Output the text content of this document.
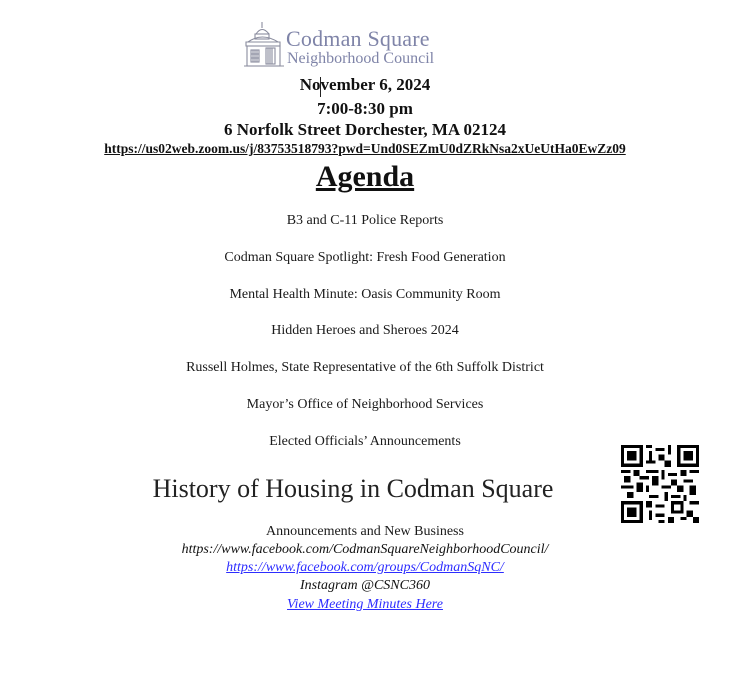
Codman Square
Neighborhood Council
November 6, 2024
7:00-8:30 pm
6 Norfolk Street Dorchester, MA 02124
https://us02web.zoom.us/j/83753518793?pwd=Und0SEZmU0dZRkNsa2xUeUtHa0EwZz09
Agenda
B3 and C-11 Police Reports
Codman Square Spotlight: Fresh Food Generation
Mental Health Minute: Oasis Community Room
Hidden Heroes and Sheroes 2024
Russell Holmes, State Representative of the 6th Suffolk District
Mayor’s Office of Neighborhood Services
Elected Officials’ Announcements
History of Housing in Codman Square
Announcements and New Business
https://www.facebook.com/CodmanSquareNeighborhoodCouncil/
https://www.facebook.com/groups/CodmanSqNC/
Instagram @CSNC360
View Meeting Minutes Here
